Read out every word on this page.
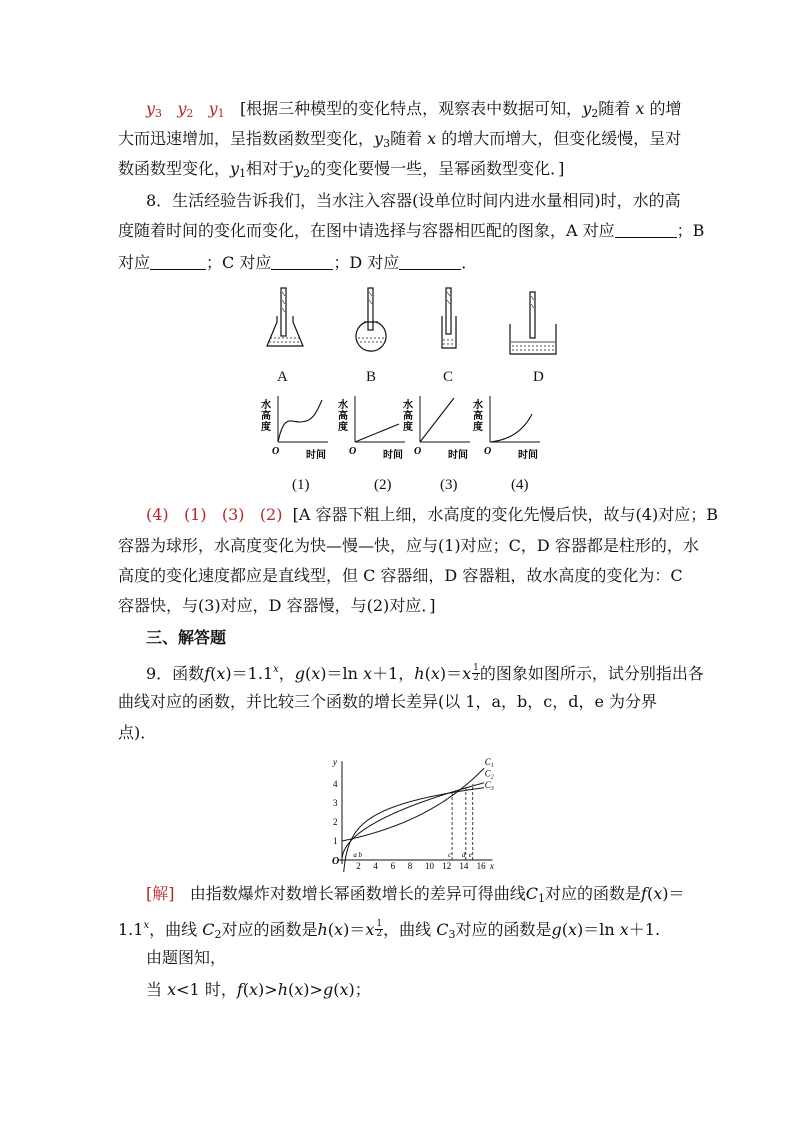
$y_3$ $y_2$ $y_1$ [根据三种模型的变化特点，观察表中数据可知，$y_2$随着 x 的增
大而迅速增加，呈指数函数型变化，$y_3$随着 x 的增大而增大，但变化缓慢，呈对
数函数型变化，$y_1$相对于$y_2$的变化要慢一些，呈幂函数型变化．]
8．生活经验告诉我们，当水注入容器(设单位时间内进水量相同)时，水的高
度随着时间的变化而变化，在图中请选择与容器相匹配的图象，A 对应	；B
对应	；C 对应	；D 对应	．
A	B	C	D
水
高
度
O	时间
水
高
度
O	时间
水
高
度
O	时间
水
高
度
O	时间
(1)	(2)	(3)	(4)
(4) (1) (3) (2) [A 容器下粗上细，水高度的变化先慢后快，故与(4)对应；B
容器为球形，水高度变化为快—慢—快，应与(1)对应；C，D 容器都是柱形的，水
高度的变化速度都应是直线型，但 C 容器细，D 容器粗，故水高度的变化为：C
容器快，与(3)对应，D 容器慢，与(2)对应．]
三、解答题
9．函数$f(x)=1.1^x$，g(x)＝ln x＋1，$h(x)=x \frac{1}{2}$ 的图象如图所示，试分别指出各
曲线对应的函数，并比较三个函数的增长差异(以 1，a，b，c，d，e 为分界
点)．
y
x
O
1
2
3
4
2 4 6 8 10 12 14 16
a b	c d e
$C_1$
$C_2$
$C_3$
[解] 由指数爆炸对数增长幂函数增长的差异可得曲线$C_1$对应的函数是f(x)＝
$1.1^x$，曲线 $C_2$对应的函数是$h(x)=x \frac{1}{2}$ ，曲线 $C_3$对应的函数是g(x)＝ln x＋1.
由题图知，
当 x<1 时，f(x)>h(x)>g(x)；
